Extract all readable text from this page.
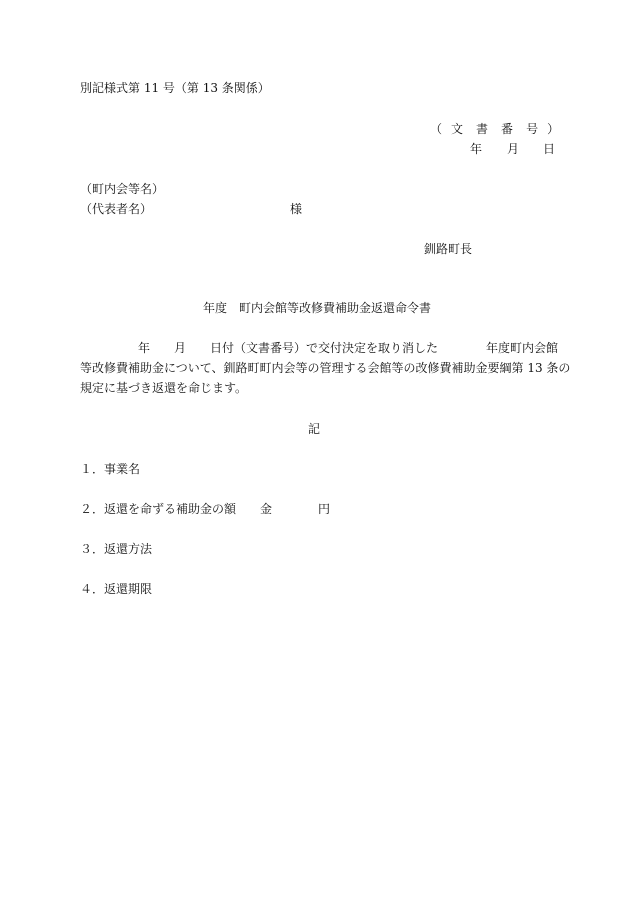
別記様式第 11 号（第 13 条関係）
（ 文 書 番 号 ）
年 月 日
（町内会等名）
（代表者名）	様
釧路町長
年度　町内会館等改修費補助金返還命令書
年 月 日付（文書番号）で交付決定を取り消した	年度町内会館
等改修費補助金について、釧路町町内会等の管理する会館等の改修費補助金要綱第 13 条の
規定に基づき返還を命じます。
記
１．事業名
２．返還を命ずる補助金の額 金	円
３．返還方法
４．返還期限
